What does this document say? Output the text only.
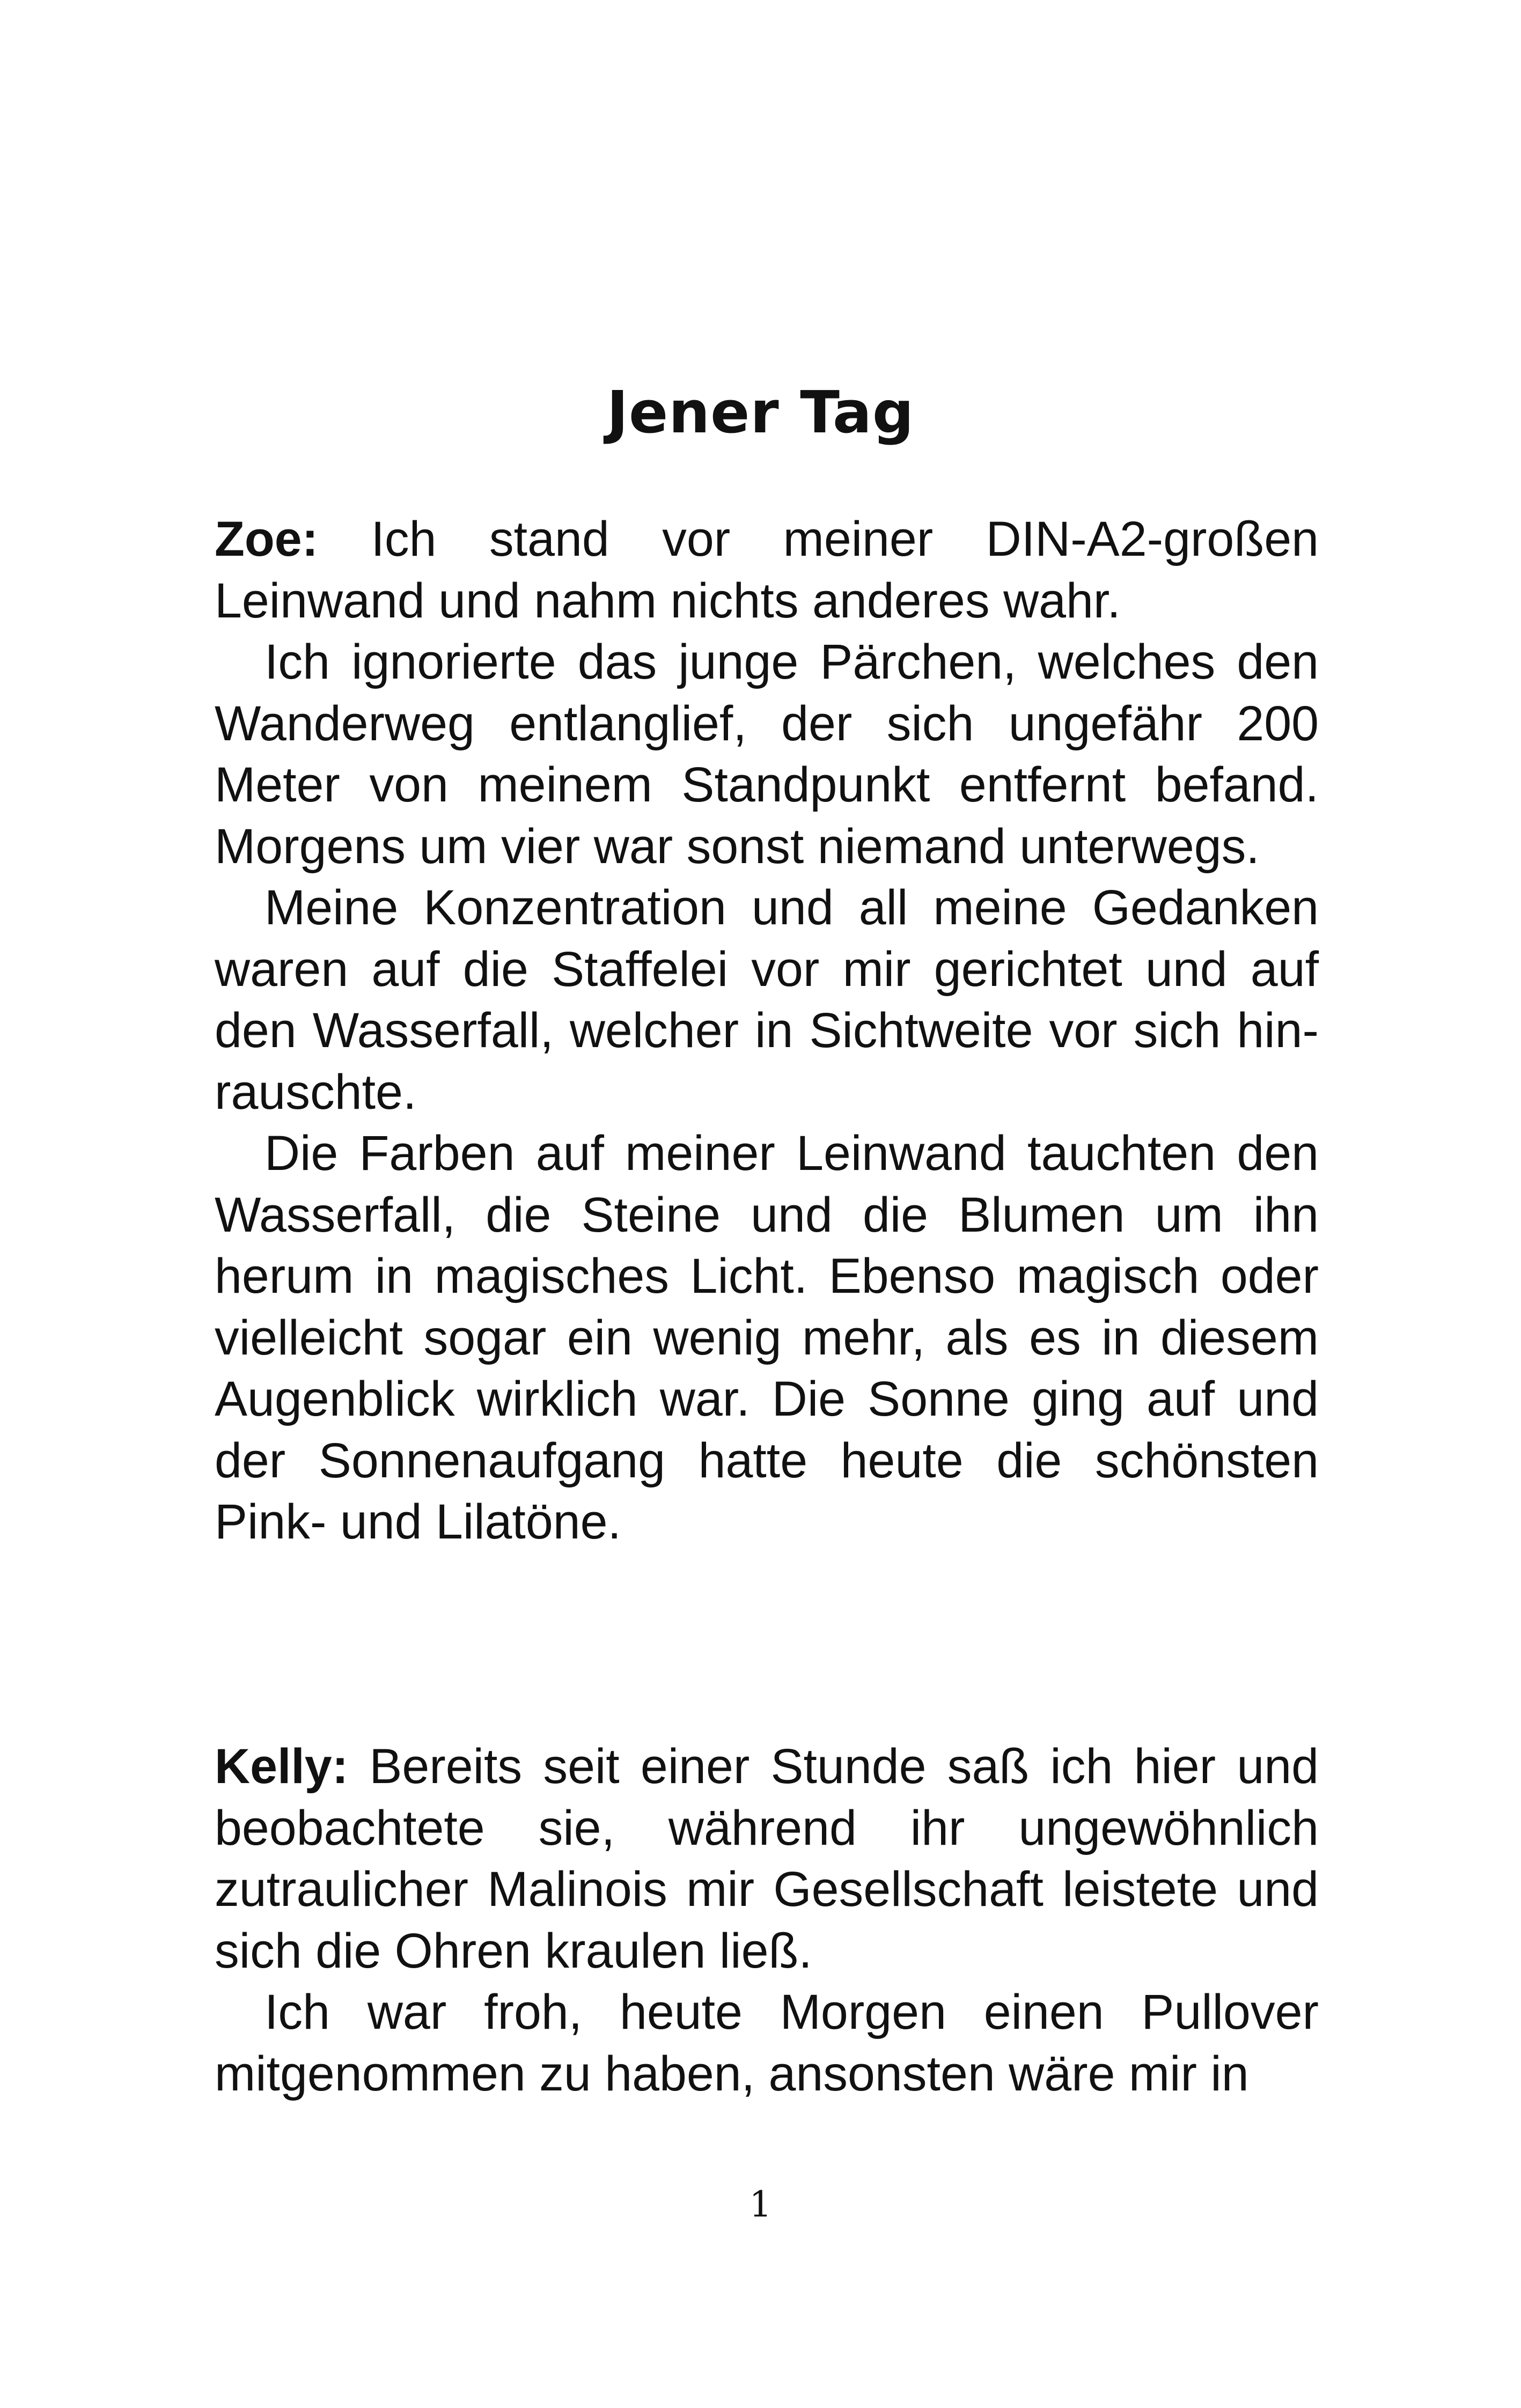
Jener Tag

Zoe: Ich stand vor meiner DIN-A2-großen Leinwand und nahm nichts anderes wahr.

Ich ignorierte das junge Pärchen, welches den Wanderweg entlanglief, der sich ungefähr 200 Meter von meinem Standpunkt entfernt befand. Morgens um vier war sonst niemand unterwegs.

Meine Konzentration und all meine Gedanken waren auf die Staffelei vor mir gerichtet und auf den Wasserfall, welcher in Sichtweite vor sich hin-rauschte.

Die Farben auf meiner Leinwand tauchten den Wasserfall, die Steine und die Blumen um ihn herum in magisches Licht. Ebenso magisch oder vielleicht sogar ein wenig mehr, als es in diesem Augenblick wirklich war. Die Sonne ging auf und der Sonnenaufgang hatte heute die schönsten Pink- und Lilatöne.

Kelly: Bereits seit einer Stunde saß ich hier und beobachtete sie, während ihr ungewöhnlich zutraulicher Malinois mir Gesellschaft leistete und sich die Ohren kraulen ließ.

Ich war froh, heute Morgen einen Pullover mitgenommen zu haben, ansonsten wäre mir in

1
